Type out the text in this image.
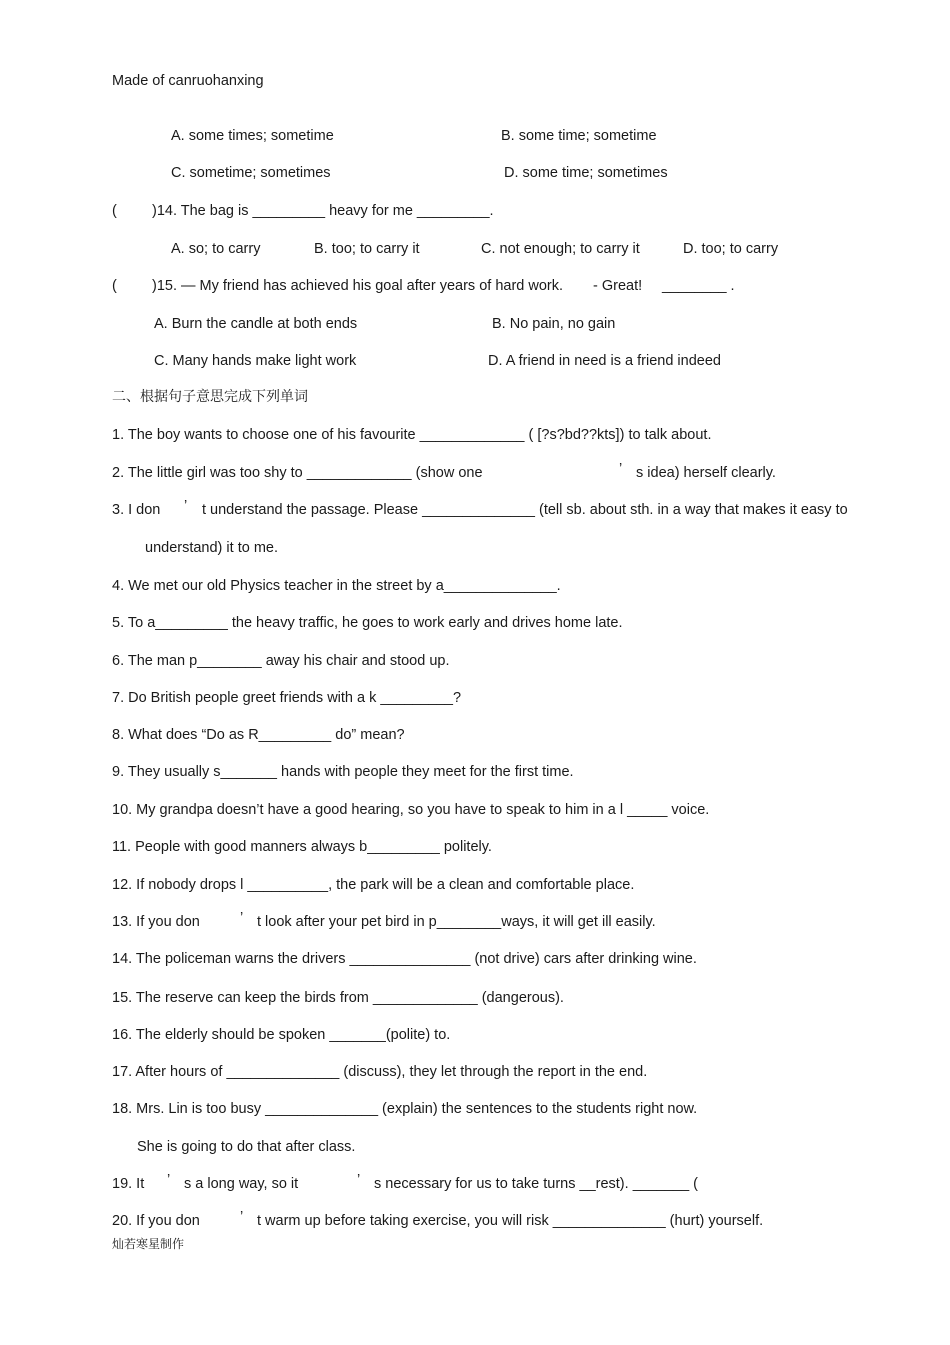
Made of canruohanxing
A. some times; sometime	B. some time; sometime
C. sometime; sometimes	D. some time; sometimes
( )14. The bag is _________ heavy for me _________.
A. so; to carry	B. too; to carry it	C. not enough; to carry it	D. too; to carry
( )15. — My friend has achieved his goal after years of hard work. - Great! ________ .
A. Burn the candle at both ends	B. No pain, no gain
C. Many hands make light work	D. A friend in need is a friend indeed
二、根据句子意思完成下列单词
1. The boy wants to choose one of his favourite _____________ ( [?s?bd??kts]) to talk about.
2. The little girl was too shy to _____________ (show one	’ s idea) herself clearly.
3. I don ’ t understand the passage. Please ______________ (tell sb. about sth. in a way that makes it easy to
understand) it to me.
4. We met our old Physics teacher in the street by a______________.
5. To a_________ the heavy traffic, he goes to work early and drives home late.
6. The man p________ away his chair and stood up.
7. Do British people greet friends with a k _________?
8. What does “Do as R_________ do” mean?
9. They usually s_______ hands with people they meet for the first time.
10. My grandpa doesn’t have a good hearing, so you have to speak to him in a l _____ voice.
11. People with good manners always b_________ politely.
12. If nobody drops l __________, the park will be a clean and comfortable place.
13. If you don	’ t look after your pet bird in p________ways, it will get ill easily.
14. The policeman warns the drivers _______________ (not drive) cars after drinking wine.
15. The reserve can keep the birds from _____________ (dangerous).
16. The elderly should be spoken _______(polite) to.
17. After hours of ______________ (discuss), they let through the report in the end.
18. Mrs. Lin is too busy ______________ (explain) the sentences to the students right now.
She is going to do that after class.
19. It ’ s a long way, so it	’ s necessary for us to take turns __rest). _______ (
20. If you don	’ t warm up before taking exercise, you will risk ______________ (hurt) yourself.
灿若寒星制作
